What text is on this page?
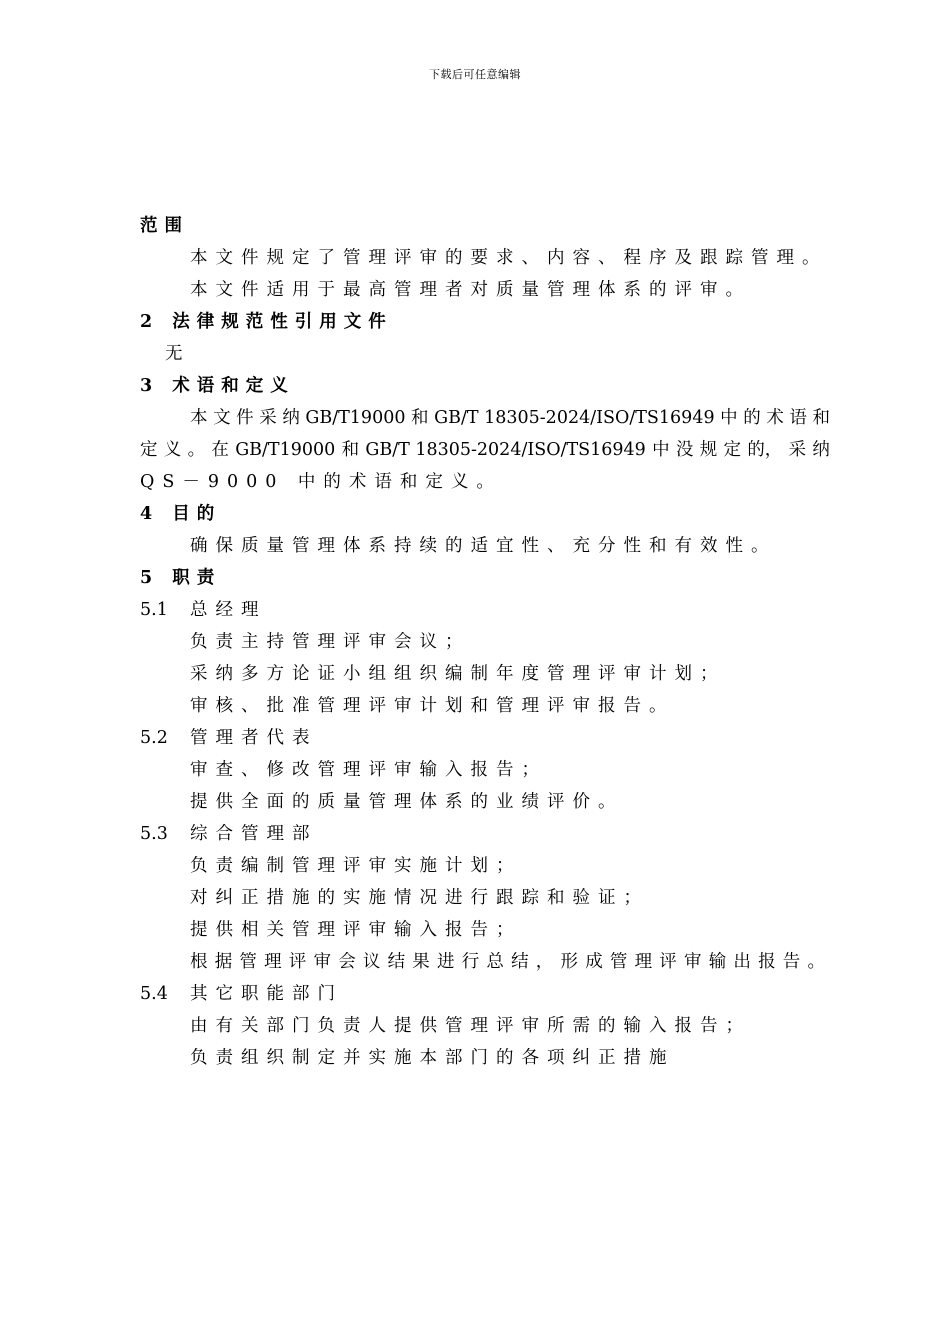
下载后可任意编辑
范围
本文件规定了管理评审的要求、内容、程序及跟踪管理。
本文件适用于最高管理者对质量管理体系的评审。
2 法律规范性引用文件
无
3 术语和定义
本 文 件 采 纳 GB/T19000 和 GB/T 18305-2024/ISO/TS16949 中 的 术 语 和
定 义 。 在 GB/T19000 和 GB/T 18305-2024/ISO/TS16949 中 没 规 定 的， 采 纳
QS－9000 中的术语和定义。
4 目的
确保质量管理体系持续的适宜性、充分性和有效性。
5 职责
5.1 总经理
负责主持管理评审会议；
采纳多方论证小组组织编制年度管理评审计划；
审核、批准管理评审计划和管理评审报告。
5.2 管理者代表
审查、修改管理评审输入报告；
提供全面的质量管理体系的业绩评价。
5.3 综合管理部
负责编制管理评审实施计划；
对纠正措施的实施情况进行跟踪和验证；
提供相关管理评审输入报告；
根据管理评审会议结果进行总结，形成管理评审输出报告。
5.4 其它职能部门
由有关部门负责人提供管理评审所需的输入报告；
负责组织制定并实施本部门的各项纠正措施
